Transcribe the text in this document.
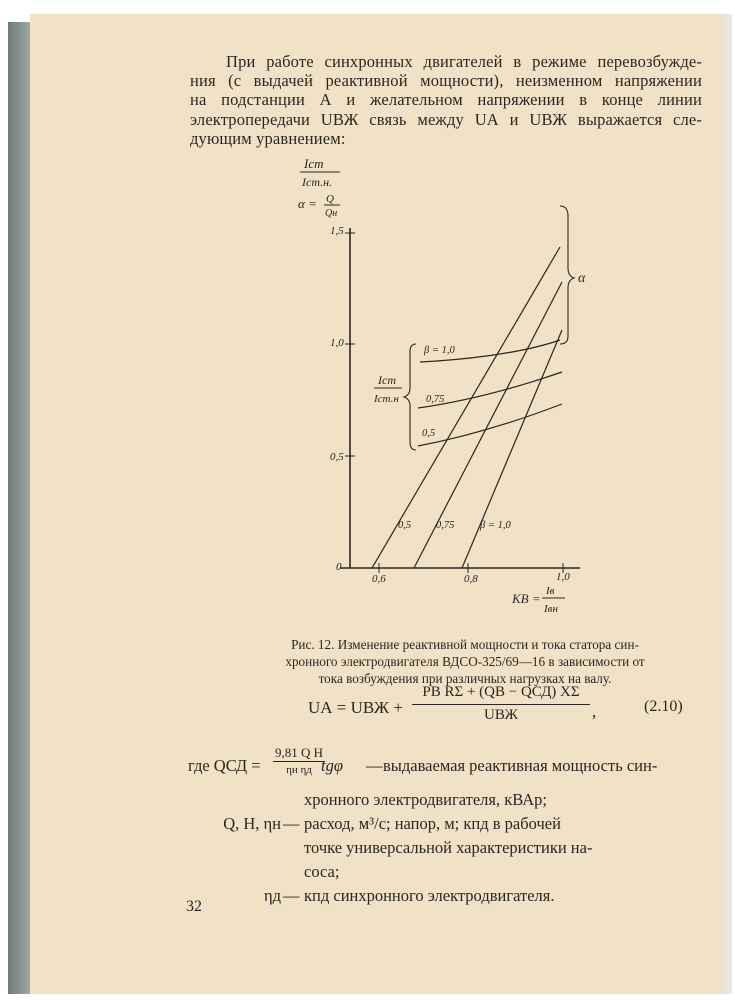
При работе синхронных двигателей в режиме перевозбужде-
ния (с выдачей реактивной мощности), неизменном напряжении
на подстанции А и желательном напряжении в конце линии
электропередачи UВЖ связь между UА и UВЖ выражается сле-
дующим уравнением:
Iст
Iст.н.
α = Q
Qн
1,5
1,0
0,5
0
0,6	0,8	1,0
KВ = Iв
Iвн
0,5 0,75 β = 1,0
β = 1,0
0,75
0,5
α
Iст
Iст.н
Рис. 12. Изменение реактивной мощности и тока статора син-
хронного электродвигателя ВДСО-325/69—16 в зависимости от
тока возбуждения при различных нагрузках на валу.
UА = UВЖ +
PВ RΣ + (QВ − QСД) XΣ
UВЖ	,	(2.10)
где QСД =
9,81 Q H
ηн ηд tgφ — выдаваемая реактивная мощность син-
хронного электродвигателя, кВАр;
Q, H, ηн — расход, м³/с; напор, м; кпд в рабочей
точке универсальной характеристики на-
соса;
ηд — кпд синхронного электродвигателя.
32
